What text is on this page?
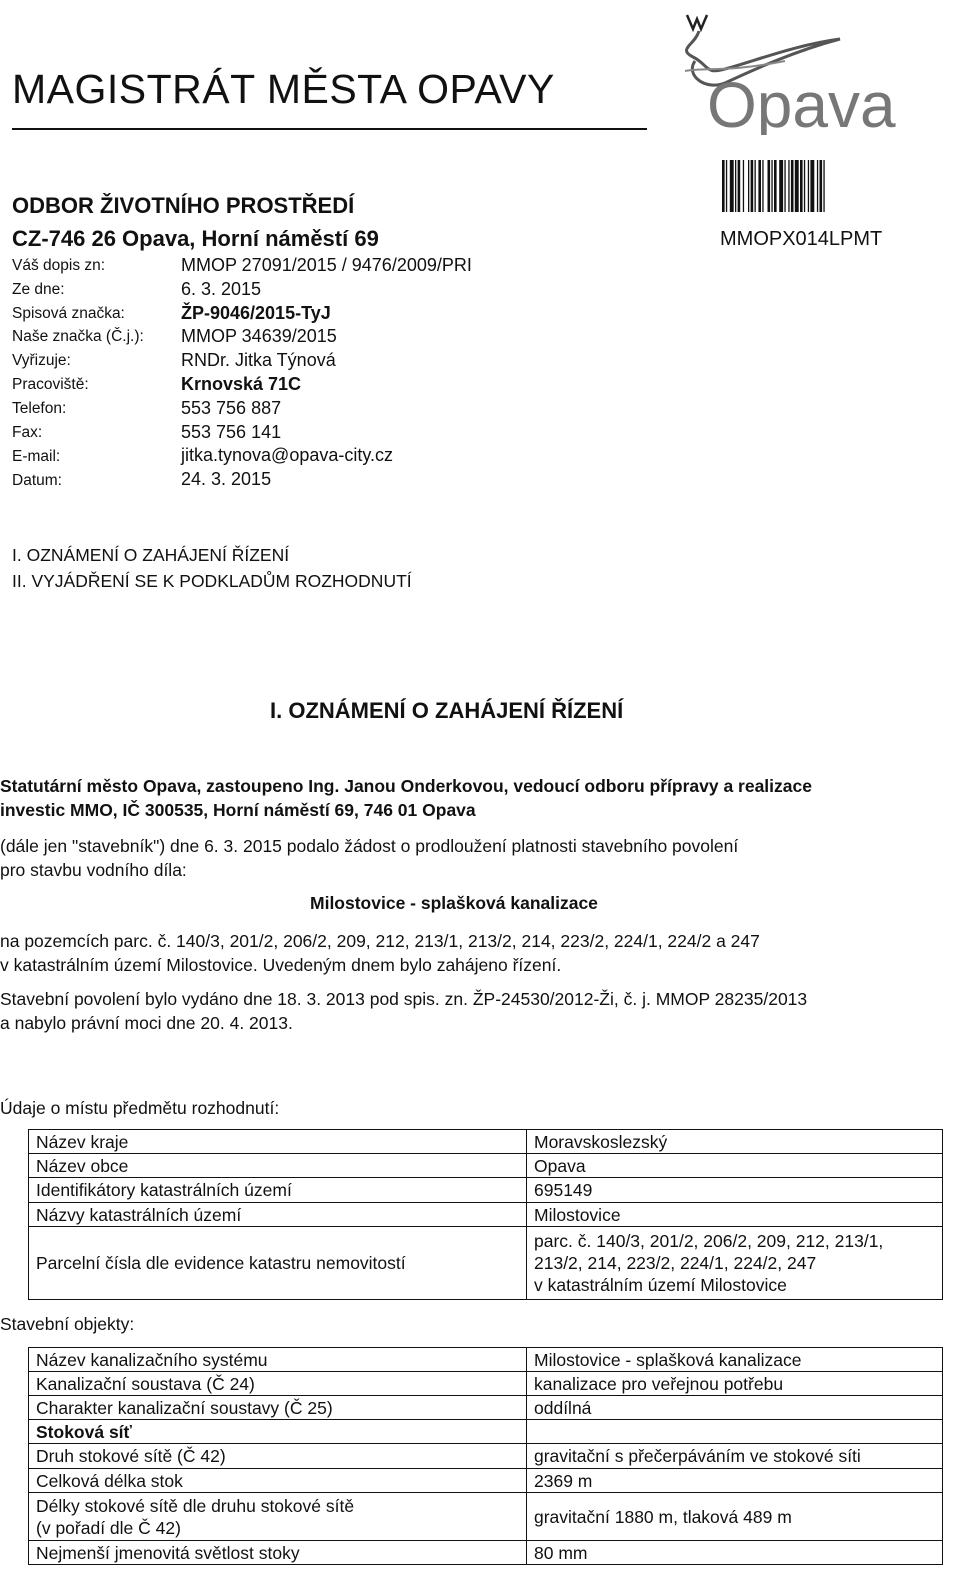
MAGISTRÁT MĚSTA OPAVY Opava
MMOPX014LPMT
ODBOR ŽIVOTNÍHO PROSTŘEDÍ
CZ-746 26 Opava, Horní náměstí 69
Váš dopis zn:	MMOP 27091/2015 / 9476/2009/PRI
Ze dne:	6. 3. 2015
Spisová značka:	ŽP-9046/2015-TyJ
Naše značka (Č.j.): MMOP 34639/2015
Vyřizuje:	RNDr. Jitka Týnová
Pracoviště:	Krnovská 71C
Telefon:	553 756 887
Fax:	553 756 141
E-mail:	jitka.tynova@opava-city.cz
Datum:	24. 3. 2015
I. OZNÁMENÍ O ZAHÁJENÍ ŘÍZENÍ
II. VYJÁDŘENÍ SE K PODKLADŮM ROZHODNUTÍ
I. OZNÁMENÍ O ZAHÁJENÍ ŘÍZENÍ
Statutární město Opava, zastoupeno Ing. Janou Onderkovou, vedoucí odboru přípravy a realizace
investic MMO, IČ 300535, Horní náměstí 69, 746 01 Opava
(dále jen "stavebník") dne 6. 3. 2015 podalo žádost o prodloužení platnosti stavebního povolení
pro stavbu vodního díla:
Milostovice - splašková kanalizace
na pozemcích parc. č. 140/3, 201/2, 206/2, 209, 212, 213/1, 213/2, 214, 223/2, 224/1, 224/2 a 247
v katastrálním území Milostovice. Uvedeným dnem bylo zahájeno řízení.
Stavební povolení bylo vydáno dne 18. 3. 2013 pod spis. zn. ŽP-24530/2012-Ži, č. j. MMOP 28235/2013
a nabylo právní moci dne 20. 4. 2013.
Údaje o místu předmětu rozhodnutí:
Název kraje	Moravskoslezský
Název obce	Opava
Identifikátory katastrálních území	695149
Názvy katastrálních území	Milostovice
Parcelní čísla dle evidence katastru nemovitostí	parc. č. 140/3, 201/2, 206/2, 209, 212, 213/1,
213/2, 214, 223/2, 224/1, 224/2, 247
v katastrálním území Milostovice
Stavební objekty:
Název kanalizačního systému	Milostovice - splašková kanalizace
Kanalizační soustava (Č 24)	kanalizace pro veřejnou potřebu
Charakter kanalizační soustavy (Č 25)	oddílná
Stoková síť	
Druh stokové sítě (Č 42)	gravitační s přečerpáváním ve stokové síti
Celková délka stok	2369 m

Délky stokové sítě dle druhu stokové sítě
(v pořadí dle Č 42)	gravitační 1880 m, tlaková 489 m
Nejmenší jmenovitá světlost stoky	80 mm
